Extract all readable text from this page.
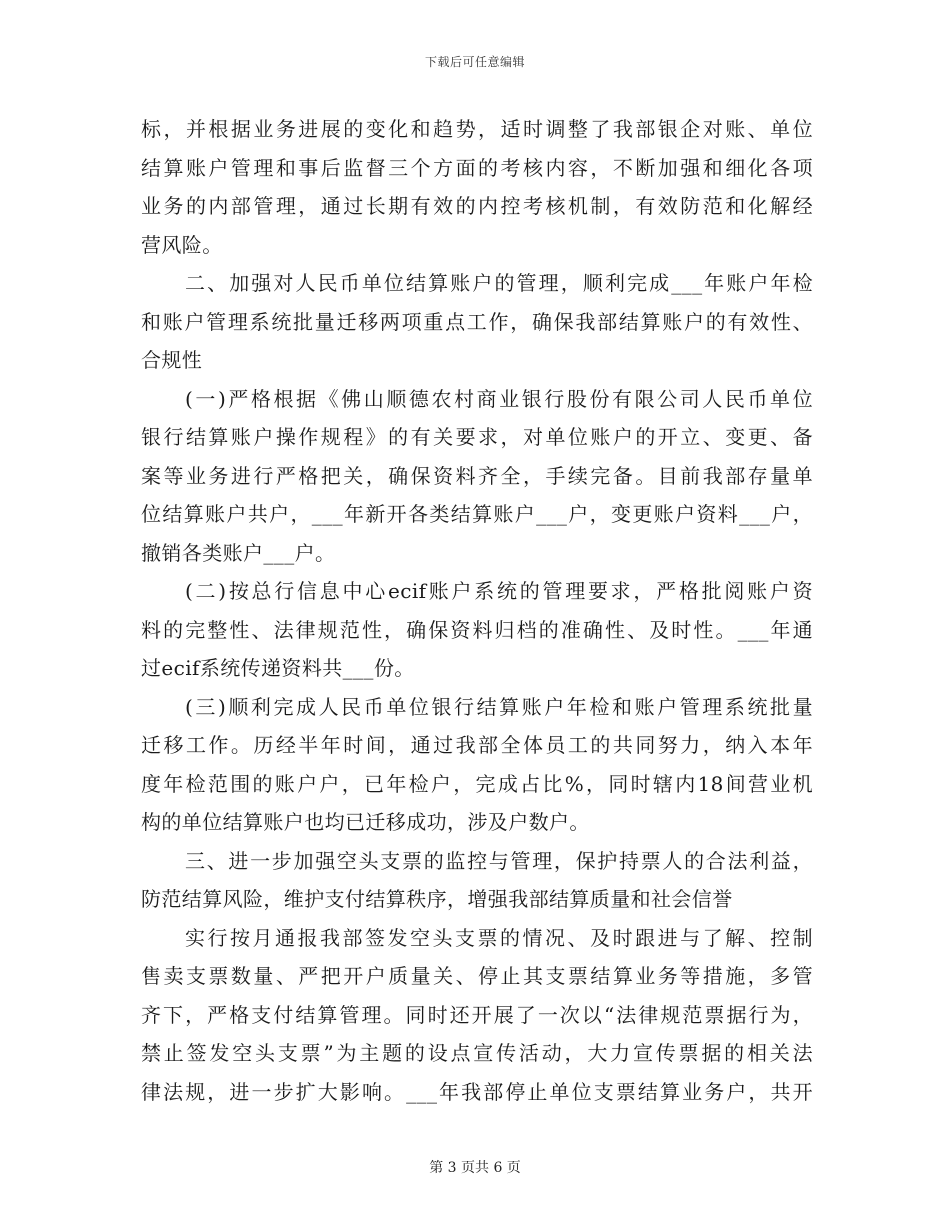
下载后可任意编辑
标，并根据业务进展的变化和趋势，适时调整了我部银企对账、单位
结算账户管理和事后监督三个方面的考核内容，不断加强和细化各项
业务的内部管理，通过长期有效的内控考核机制，有效防范和化解经
营风险。
二、加强对人民币单位结算账户的管理，顺利完成___年账户年检
和账户管理系统批量迁移两项重点工作，确保我部结算账户的有效性、
合规性
(一)严格根据《佛山顺德农村商业银行股份有限公司人民币单位
银行结算账户操作规程》的有关要求，对单位账户的开立、变更、备
案等业务进行严格把关，确保资料齐全，手续完备。目前我部存量单
位结算账户共户，___年新开各类结算账户___户，变更账户资料___户，
撤销各类账户___户。
(二)按总行信息中心ecif账户系统的管理要求，严格批阅账户资
料的完整性、法律规范性，确保资料归档的准确性、及时性。___年通
过ecif系统传递资料共___份。
(三)顺利完成人民币单位银行结算账户年检和账户管理系统批量
迁移工作。历经半年时间，通过我部全体员工的共同努力，纳入本年
度年检范围的账户户，已年检户，完成占比%，同时辖内18间营业机
构的单位结算账户也均已迁移成功，涉及户数户。
三、进一步加强空头支票的监控与管理，保护持票人的合法利益，
防范结算风险，维护支付结算秩序，增强我部结算质量和社会信誉
实行按月通报我部签发空头支票的情况、及时跟进与了解、控制
售卖支票数量、严把开户质量关、停止其支票结算业务等措施，多管
齐下，严格支付结算管理。同时还开展了一次以“法律规范票据行为，
禁止签发空头支票”为主题的设点宣传活动，大力宣传票据的相关法
律法规，进一步扩大影响。___年我部停止单位支票结算业务户，共开
第 3 页共 6 页
